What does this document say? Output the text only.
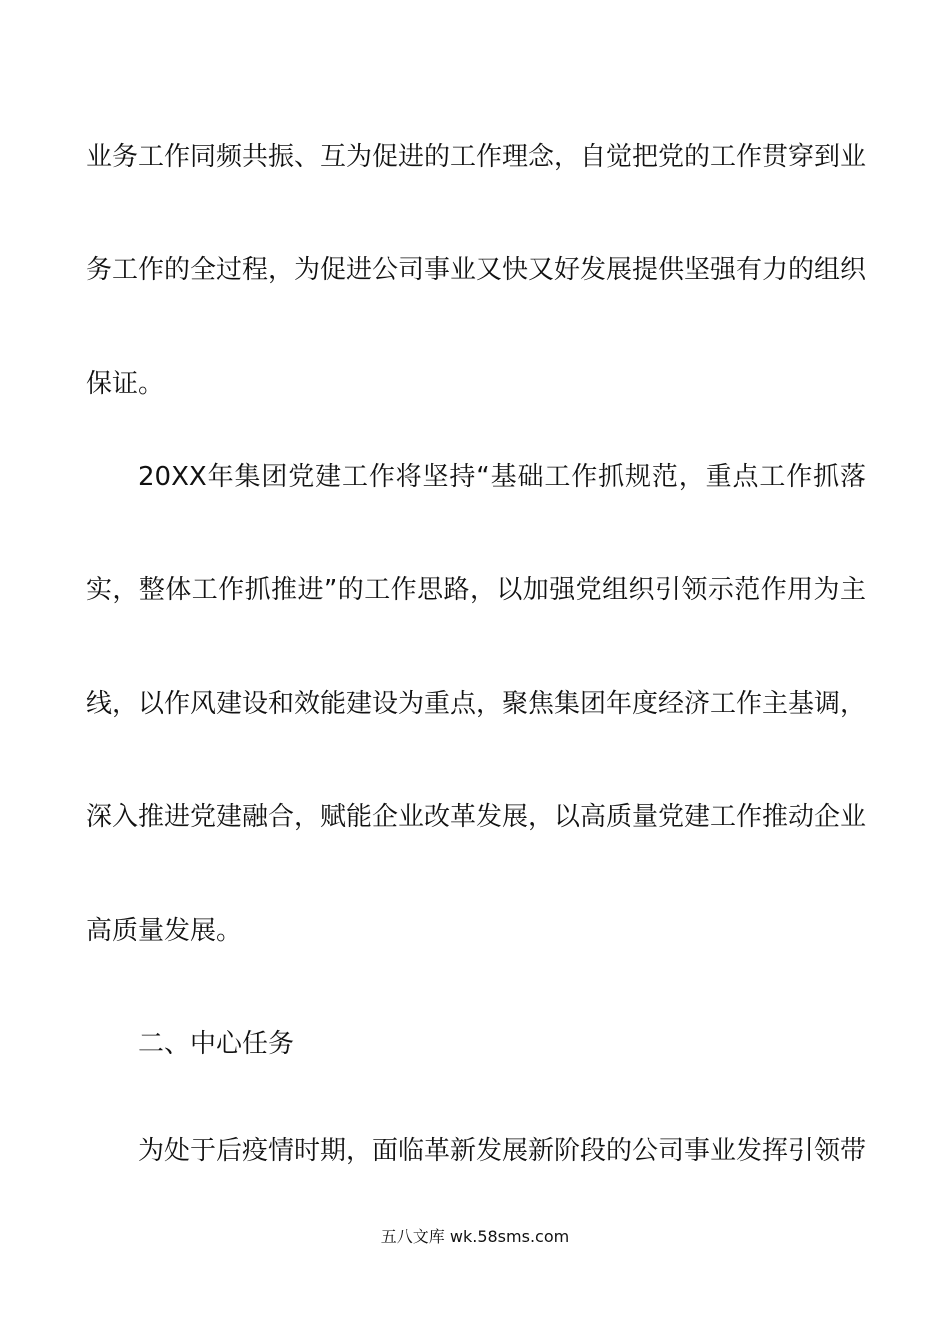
业务工作同频共振、互为促进的工作理念，自觉把党的工作贯穿到业
务工作的全过程，为促进公司事业又快又好发展提供坚强有力的组织
保证。
20XX年集团党建工作将坚持“基础工作抓规范，重点工作抓落
实，整体工作抓推进”的工作思路，以加强党组织引领示范作用为主
线，以作风建设和效能建设为重点，聚焦集团年度经济工作主基调，
深入推进党建融合，赋能企业改革发展，以高质量党建工作推动企业
高质量发展。
二、中心任务
为处于后疫情时期，面临革新发展新阶段的公司事业发挥引领带
五八文库 wk.58sms.com
